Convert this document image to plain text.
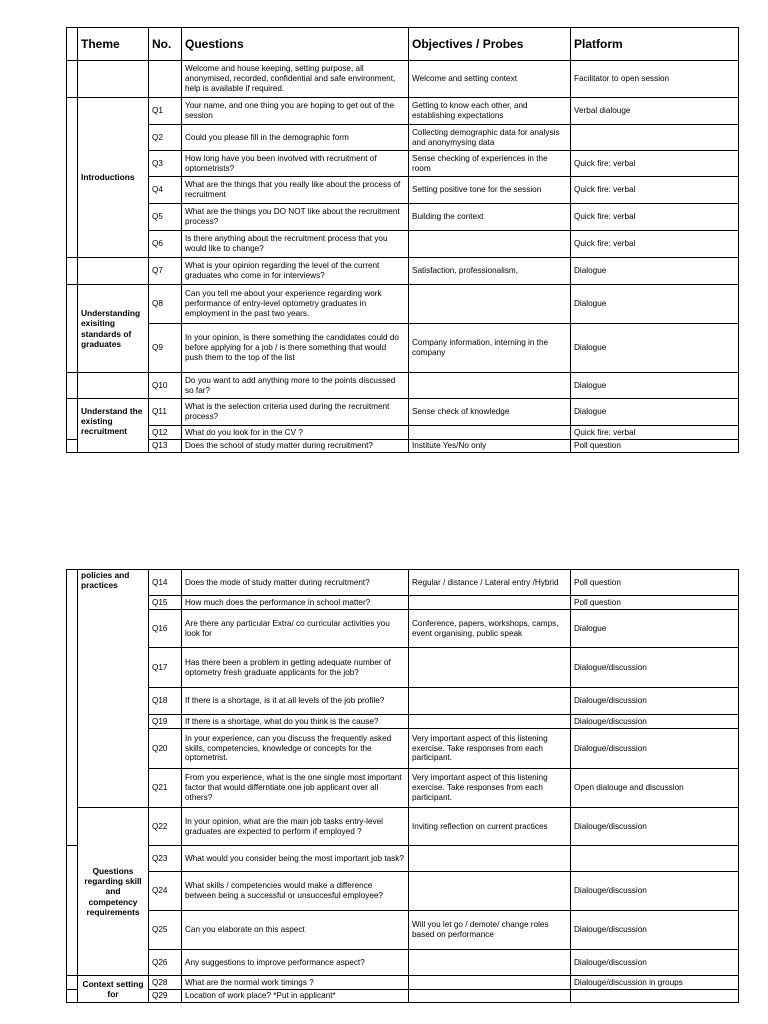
	Theme	No.	Questions	Objectives / Probes	Platform
			Welcome and house keeping, setting purpose, all anonymised, recorded, confidential and safe environment, help is available if required.	Welcome and setting context	Facilitator to open session
	Introductions	Q1	Your name, and one thing you are hoping to get out of the session	Getting to know each other, and establishing expectations	Verbal dialouge
		Q2	Could you please fill in the demographic form	Collecting demographic data for analysis and anonymysing data	
		Q3	How long have you been involved with recruitment of optometrists?	Sense checking of experiences in the room	Quick fire: verbal
		Q4	What are the things that you really like about the process of recruitment	Setting positive tone for the session	Quick fire: verbal
		Q5	What are the things you DO NOT like about the recruitment process?	Building the context	Quick fire: verbal
		Q6	Is there anything about the recruitment process that you would like to change?		Quick fire: verbal
		Q7	What is your opinion regarding the level of the current graduates who come in for interviews?	Satisfaction, professionalism,	Dialogue
	Understanding exisiting standards of graduates	Q8	Can you tell me about your experience regarding work performance of entry-level optometry graduates in employment in the past two years.		Dialogue
		Q9	In your opinion, is there something the candidates could do before applying for a job / is there something that would push them to the top of the list	Company information, interning in the company	Dialogue
		Q10	Do you want to add anything more to the points discussed so far?		Dialogue
	Understand the existing recruitment	Q11	What is the selection criteria used during the recruitment process?	Sense check of knowledge	Dialogue
		Q12	What do you look for in the CV ?		Quick fire: verbal
		Q13	Does the school of study matter during recruitment?	Institute Yes/No only	Poll question
	policies and practices	Q14	Does the mode of study matter during recruitment?	Regular / distance / Lateral entry /Hybrid	Poll question
		Q15	How much does the performance in school matter?		Poll question
		Q16	Are there any particular Extra/ co curricular activities you look for	Conference, papers, workshops, camps, event organising, public speak	Dialogue
		Q17	Has there been a problem in getting adequate number of optometry fresh graduate applicants for the job?		Dialogue/discussion
		Q18	If there is a shortage, is it at all levels of the job profile?		Dialouge/discussion
		Q19	If there is a shortage, what do you think is the cause?		Dialouge/discussion
		Q20	In your experience, can you discuss the frequently asked skills, competencies, knowledge or concepts for the optometrist.	Very important aspect of this listening exercise. Take responses from each participant.	Dialogue/discussion
		Q21	From you experience, what is the one single most important factor that would differntiate one job applicant over all others?	Very important aspect of this listening exercise. Take responses from each participant.	Open dialouge and discussion
	Questions regarding skill and competency requirements	Q22	In your opinion, what are the main job tasks entry-level graduates are expected to perform if employed ?	Inviting reflection on current practices	Dialouge/discussion
		Q23	What would you consider being the most important job task?		
		Q24	What skills / competencies would make a difference between being a successful or unsuccesful employee?		Dialouge/discussion
		Q25	Can you elaborate on this aspect	Will you let go / demote/ change roles based on performance	Dialouge/discussion
		Q26	Any suggestions to improve performance aspect?		Dialouge/discussion
	Context setting for	Q28	What are the normal work timings ?		Dialouge/discussion in groups
		Q29	Location of work place? *Put in applicant*		
